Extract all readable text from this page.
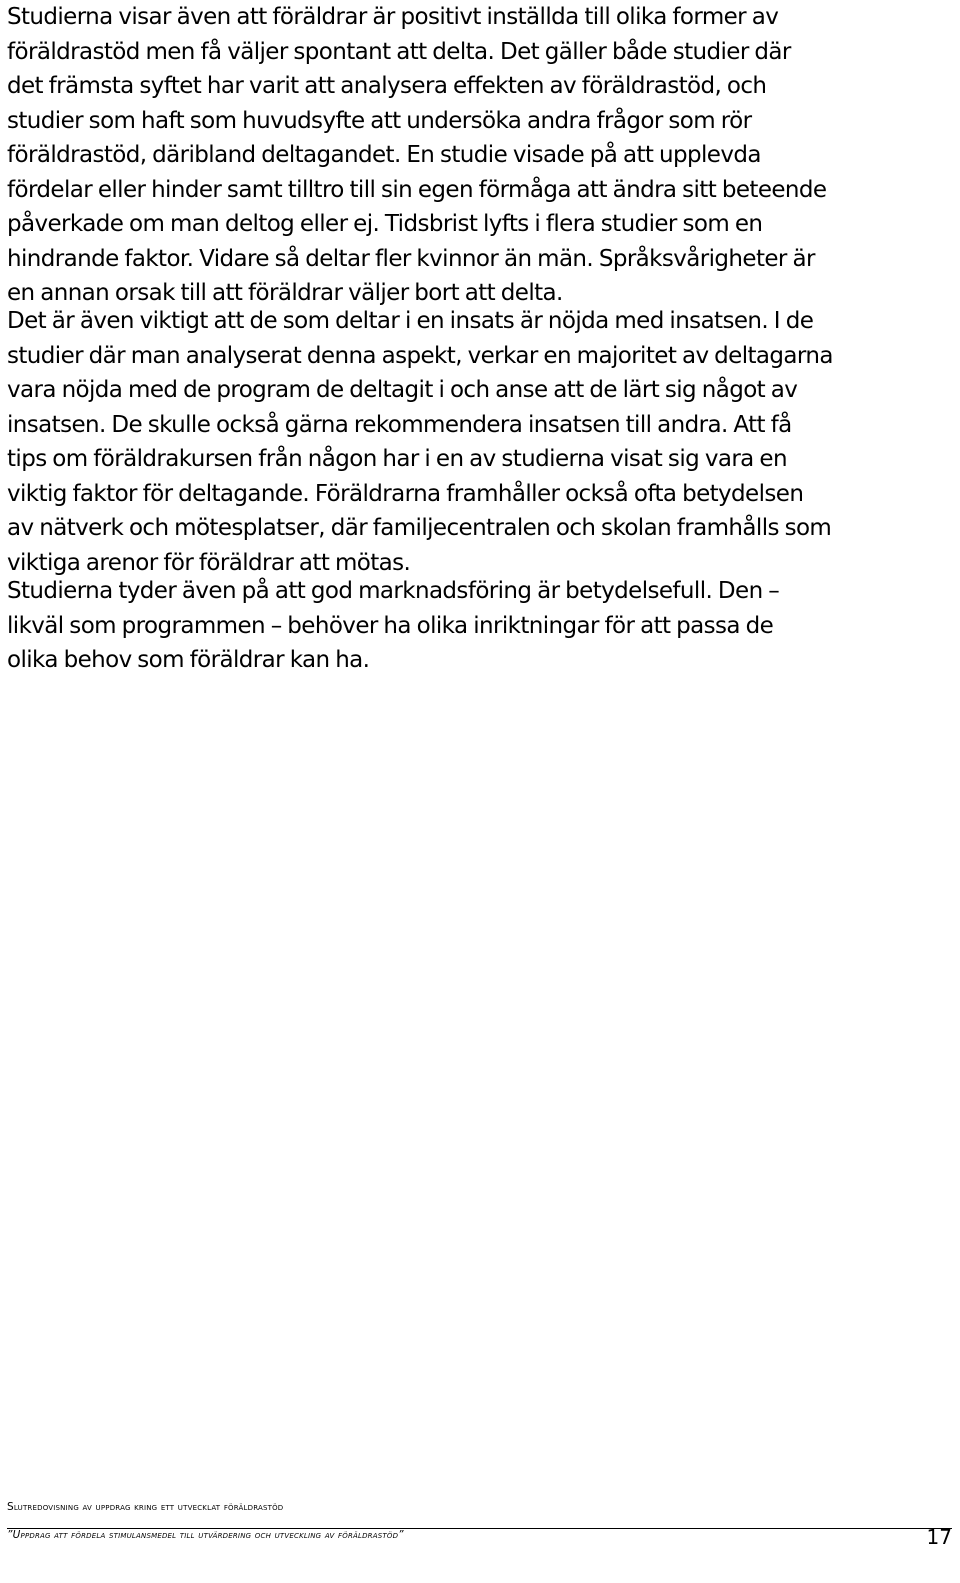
Studierna visar även att föräldrar är positivt inställda till olika former av
föräldrastöd men få väljer spontant att delta. Det gäller både studier där
det främsta syftet har varit att analysera effekten av föräldrastöd, och
studier som haft som huvudsyfte att undersöka andra frågor som rör
föräldrastöd, däribland deltagandet. En studie visade på att upplevda
fördelar eller hinder samt tilltro till sin egen förmåga att ändra sitt beteende
påverkade om man deltog eller ej. Tidsbrist lyfts i flera studier som en
hindrande faktor. Vidare så deltar fler kvinnor än män. Språksvårigheter är
en annan orsak till att föräldrar väljer bort att delta.

Det är även viktigt att de som deltar i en insats är nöjda med insatsen. I de
studier där man analyserat denna aspekt, verkar en majoritet av deltagarna
vara nöjda med de program de deltagit i och anse att de lärt sig något av
insatsen. De skulle också gärna rekommendera insatsen till andra. Att få
tips om föräldrakursen från någon har i en av studierna visat sig vara en
viktig faktor för deltagande. Föräldrarna framhåller också ofta betydelsen
av nätverk och mötesplatser, där familjecentralen och skolan framhålls som
viktiga arenor för föräldrar att mötas.

Studierna tyder även på att god marknadsföring är betydelsefull. Den –
likväl som programmen – behöver ha olika inriktningar för att passa de
olika behov som föräldrar kan ha.

Slutredovisning av uppdrag kring ett utvecklat föräldrastöd
”Uppdrag att fördela stimulansmedel till utvärdering och utveckling av föräldrastöd”	17
